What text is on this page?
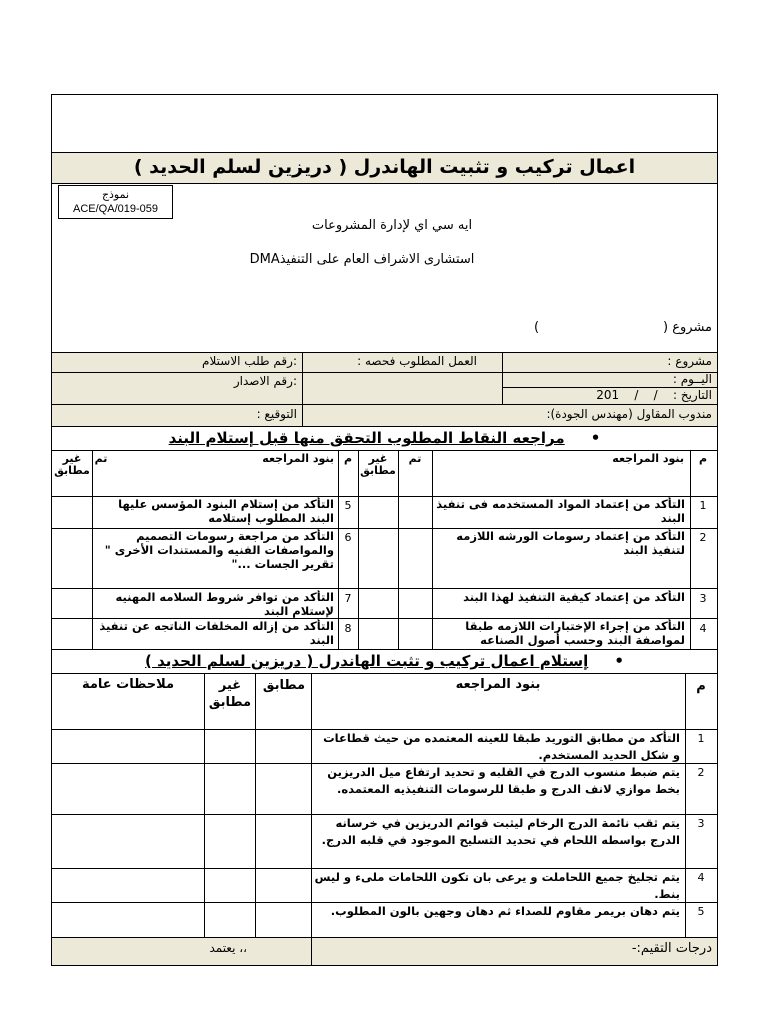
اعمال تركيب و تثبيت الهاندرل ( دريزين لسلم الحديد )
نموذج
ACE/QA/019-059
ايه سي اي لإدارة المشروعات
استشارى الاشراف العام على التنفيذDMA
مشروع (                              )
مشروع :
العمل المطلوب فحصه :
:رقم طلب الاستلام
اليــوم :
:رقم الاصدار
التاريخ :    /    /    201
مندوب المقاول (مهندس الجودة):
التوقيع :
•     مراجعه النقاط المطلوب التحقق منها قبل إستلام البند
م
بنود المراجعه
تم
غير مطابق
م
بنود المراجعه
تم
غير مطابق
1
التأكد من إعتماد المواد المستخدمه فى تنفيذ البند
2
التأكد من إعتماد رسومات الورشه اللازمه لتنفيذ البند
3
التأكد من إعتماد كيفية التنفيذ لهذا البند
4
التأكد من إجراء الإختبارات اللازمه طبقا لمواصفة البند وحسب أصول الصناعه
5
التأكد من إستلام البنود المؤسس عليها البند المطلوب إستلامه
6
التأكد من مراجعة رسومات التصميم والمواصفات الفنيه والمستندات الأخرى " تقرير الجسات ..."
7
التأكد من توافر شروط السلامه المهنيه لإستلام البند
8
التأكد من إزاله المخلفات الناتجه عن تنفيذ البند
•     إستلام اعمال تركيب و تثبت الهاندرل ( دريزين لسلم الحديد )
م
بنود المراجعه
مطابق
غير مطابق
ملاحظات عامة
1
التأكد من مطابق التوريد طبقا للعينه المعتمده من حيث قطاعات و شكل الحديد المستخدم.
2
يتم ضبط منسوب الدرج في القلبه و تحديد ارتفاع ميل الدريزين بخط موازي لانف الدرج و طبقا للرسومات التنفيذيه المعتمده.
3
يتم ثقب نائمة الدرج الرخام ليثبت قوائم الدريزين في خرسانه الدرج بواسطه اللحام في تحديد التسليح الموجود في قلبه الدرج.
4
يتم تجليخ جميع اللحاملت و يرعى بان تكون اللحامات ملىء و ليس بنط.
5
يتم دهان بريمر مقاوم للصداء ثم دهان وجهين بالون المطلوب.
درجات التقيم:-
،، يعتمد
